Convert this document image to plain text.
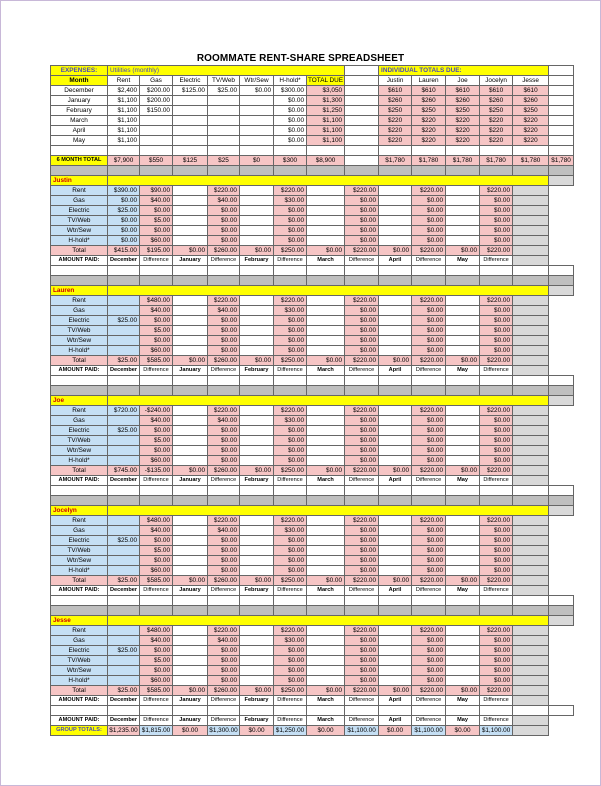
ROOMMATE RENT-SHARE SPREADSHEET
EXPENSES:	Utilities (monthly)								INDIVIDUAL TOTALS DUE:					
Month	Rent	Gas	Electric	TV/Web	Wtr/Sew	H-hold*	TOTAL DUE		Justin	Lauren	Joe	Jocelyn	Jesse	
December	$2,400	$200.00	$125.00	$25.00	$0.00	$300.00	$3,050		$610	$610	$610	$610	$610	
January	$1,100	$200.00				$0.00	$1,300		$260	$260	$260	$260	$260	
February	$1,100	$150.00				$0.00	$1,250		$250	$250	$250	$250	$250	
March	$1,100					$0.00	$1,100		$220	$220	$220	$220	$220	
April	$1,100					$0.00	$1,100		$220	$220	$220	$220	$220	
May	$1,100					$0.00	$1,100		$220	$220	$220	$220	$220	

6 MONTH TOTAL	$7,900	$550	$125	$25	$0	$300	$8,900		$1,780	$1,780	$1,780	$1,780	$1,780	$1,780

Justin														
Rent	$390.00	$90.00		$220.00		$220.00		$220.00		$220.00		$220.00		
Gas	$0.00	$40.00		$40.00		$30.00		$0.00		$0.00		$0.00		
Electric	$25.00	$0.00		$0.00		$0.00		$0.00		$0.00		$0.00		
TV/Web	$0.00	$5.00		$0.00		$0.00		$0.00		$0.00		$0.00		
Wtr/Sew	$0.00	$0.00		$0.00		$0.00		$0.00		$0.00		$0.00		
H-hold*	$0.00	$60.00		$0.00		$0.00		$0.00		$0.00		$0.00		
Total	$415.00	$195.00	$0.00	$260.00	$0.00	$250.00	$0.00	$220.00	$0.00	$220.00	$0.00	$220.00		
AMOUNT PAID:	December	Difference	January	Difference	February	Difference	March	Difference	April	Difference	May	Difference		

Lauren														
Rent		$480.00		$220.00		$220.00		$220.00		$220.00		$220.00		
Gas		$40.00		$40.00		$30.00		$0.00		$0.00		$0.00		
Electric	$25.00	$0.00		$0.00		$0.00		$0.00		$0.00		$0.00		
TV/Web		$5.00		$0.00		$0.00		$0.00		$0.00		$0.00		
Wtr/Sew		$0.00		$0.00		$0.00		$0.00		$0.00		$0.00		
H-hold*		$60.00		$0.00		$0.00		$0.00		$0.00		$0.00		
Total	$25.00	$585.00	$0.00	$260.00	$0.00	$250.00	$0.00	$220.00	$0.00	$220.00	$0.00	$220.00		
AMOUNT PAID:	December	Difference	January	Difference	February	Difference	March	Difference	April	Difference	May	Difference		

Joe														
Rent	$720.00	-$240.00		$220.00		$220.00		$220.00		$220.00		$220.00		
Gas		$40.00		$40.00		$30.00		$0.00		$0.00		$0.00		
Electric	$25.00	$0.00		$0.00		$0.00		$0.00		$0.00		$0.00		
TV/Web		$5.00		$0.00		$0.00		$0.00		$0.00		$0.00		
Wtr/Sew		$0.00		$0.00		$0.00		$0.00		$0.00		$0.00		
H-hold*		$60.00		$0.00		$0.00		$0.00		$0.00		$0.00		
Total	$745.00	-$135.00	$0.00	$260.00	$0.00	$250.00	$0.00	$220.00	$0.00	$220.00	$0.00	$220.00		
AMOUNT PAID:	December	Difference	January	Difference	February	Difference	March	Difference	April	Difference	May	Difference		

Jocelyn														
Rent		$480.00		$220.00		$220.00		$220.00		$220.00		$220.00		
Gas		$40.00		$40.00		$30.00		$0.00		$0.00		$0.00		
Electric	$25.00	$0.00		$0.00		$0.00		$0.00		$0.00		$0.00		
TV/Web		$5.00		$0.00		$0.00		$0.00		$0.00		$0.00		
Wtr/Sew		$0.00		$0.00		$0.00		$0.00		$0.00		$0.00		
H-hold*		$60.00		$0.00		$0.00		$0.00		$0.00		$0.00		
Total	$25.00	$585.00	$0.00	$260.00	$0.00	$250.00	$0.00	$220.00	$0.00	$220.00	$0.00	$220.00		
AMOUNT PAID:	December	Difference	January	Difference	February	Difference	March	Difference	April	Difference	May	Difference		

Jesse														
Rent		$480.00		$220.00		$220.00		$220.00		$220.00		$220.00		
Gas		$40.00		$40.00		$30.00		$0.00		$0.00		$0.00		
Electric	$25.00	$0.00		$0.00		$0.00		$0.00		$0.00		$0.00		
TV/Web		$5.00		$0.00		$0.00		$0.00		$0.00		$0.00		
Wtr/Sew		$0.00		$0.00		$0.00		$0.00		$0.00		$0.00		
H-hold*		$60.00		$0.00		$0.00		$0.00		$0.00		$0.00		
Total	$25.00	$585.00	$0.00	$260.00	$0.00	$250.00	$0.00	$220.00	$0.00	$220.00	$0.00	$220.00		
AMOUNT PAID:	December	Difference	January	Difference	February	Difference	March	Difference	April	Difference	May	Difference		

AMOUNT PAID:	December	Difference	January	Difference	February	Difference	March	Difference	April	Difference	May	Difference		
GROUP TOTALS:	$1,235.00	$1,815.00	$0.00	$1,300.00	$0.00	$1,250.00	$0.00	$1,100.00	$0.00	$1,100.00	$0.00	$1,100.00		
